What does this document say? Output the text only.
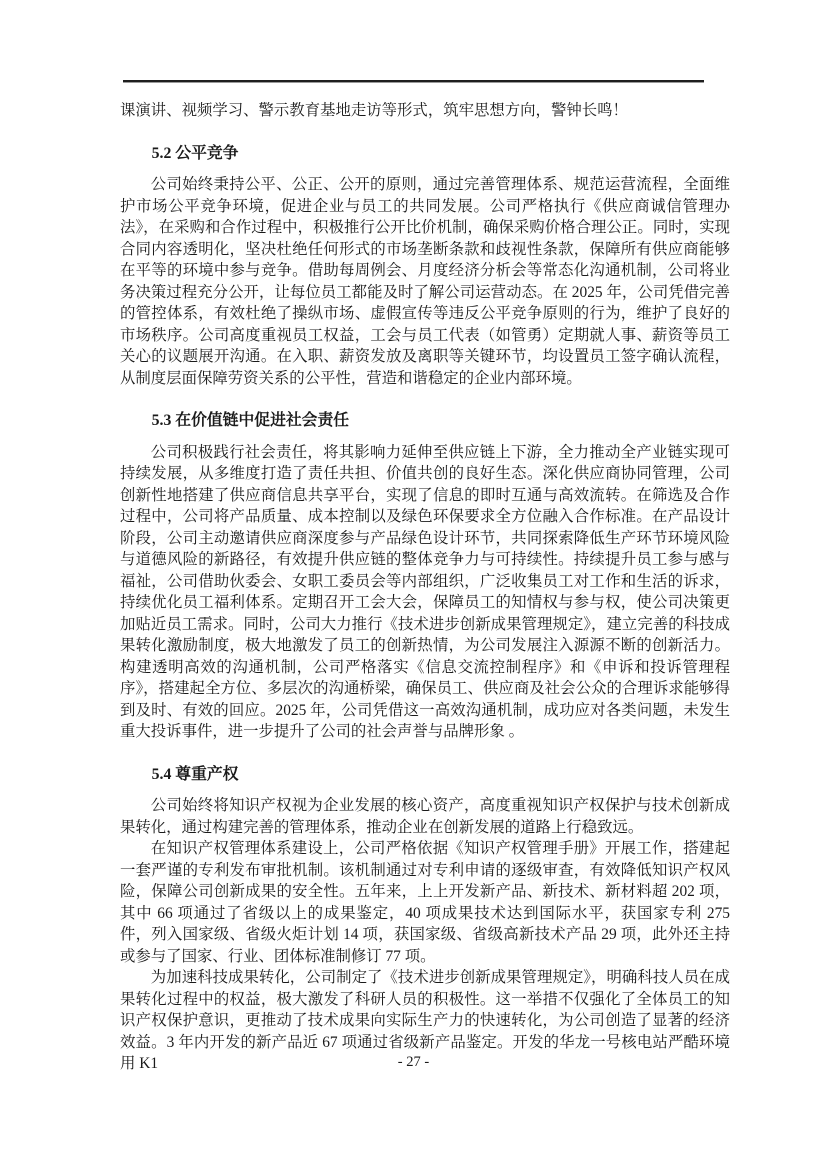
课演讲、视频学习、警示教育基地走访等形式，筑牢思想方向，警钟长鸣！

5.2 公平竞争

公司始终秉持公平、公正、公开的原则，通过完善管理体系、规范运营流程，全面维护市场公平竞争环境，促进企业与员工的共同发展。公司严格执行《供应商诚信管理办法》，在采购和合作过程中，积极推行公开比价机制，确保采购价格合理公正。同时，实现合同内容透明化，坚决杜绝任何形式的市场垄断条款和歧视性条款，保障所有供应商能够在平等的环境中参与竞争。借助每周例会、月度经济分析会等常态化沟通机制，公司将业务决策过程充分公开，让每位员工都能及时了解公司运营动态。在 2025 年，公司凭借完善的管控体系，有效杜绝了操纵市场、虚假宣传等违反公平竞争原则的行为，维护了良好的市场秩序。公司高度重视员工权益，工会与员工代表（如管勇）定期就人事、薪资等员工关心的议题展开沟通。在入职、薪资发放及离职等关键环节，均设置员工签字确认流程，从制度层面保障劳资关系的公平性，营造和谐稳定的企业内部环境。

5.3 在价值链中促进社会责任

公司积极践行社会责任，将其影响力延伸至供应链上下游，全力推动全产业链实现可持续发展，从多维度打造了责任共担、价值共创的良好生态。深化供应商协同管理，公司创新性地搭建了供应商信息共享平台，实现了信息的即时互通与高效流转。在筛选及合作过程中，公司将产品质量、成本控制以及绿色环保要求全方位融入合作标准。在产品设计阶段，公司主动邀请供应商深度参与产品绿色设计环节，共同探索降低生产环节环境风险与道德风险的新路径，有效提升供应链的整体竞争力与可持续性。持续提升员工参与感与福祉，公司借助伙委会、女职工委员会等内部组织，广泛收集员工对工作和生活的诉求，持续优化员工福利体系。定期召开工会大会，保障员工的知情权与参与权，使公司决策更加贴近员工需求。同时，公司大力推行《技术进步创新成果管理规定》，建立完善的科技成果转化激励制度，极大地激发了员工的创新热情，为公司发展注入源源不断的创新活力。构建透明高效的沟通机制，公司严格落实《信息交流控制程序》和《申诉和投诉管理程序》，搭建起全方位、多层次的沟通桥梁，确保员工、供应商及社会公众的合理诉求能够得到及时、有效的回应。2025 年，公司凭借这一高效沟通机制，成功应对各类问题，未发生重大投诉事件，进一步提升了公司的社会声誉与品牌形象 。

5.4 尊重产权

公司始终将知识产权视为企业发展的核心资产，高度重视知识产权保护与技术创新成果转化，通过构建完善的管理体系，推动企业在创新发展的道路上行稳致远。

在知识产权管理体系建设上，公司严格依据《知识产权管理手册》开展工作，搭建起一套严谨的专利发布审批机制。该机制通过对专利申请的逐级审查，有效降低知识产权风险，保障公司创新成果的安全性。五年来，上上开发新产品、新技术、新材料超 202 项，其中 66 项通过了省级以上的成果鉴定，40 项成果技术达到国际水平，获国家专利 275 件，列入国家级、省级火炬计划 14 项，获国家级、省级高新技术产品 29 项，此外还主持或参与了国家、行业、团体标准制修订 77 项。

为加速科技成果转化，公司制定了《技术进步创新成果管理规定》，明确科技人员在成果转化过程中的权益，极大激发了科研人员的积极性。这一举措不仅强化了全体员工的知识产权保护意识，更推动了技术成果向实际生产力的快速转化，为公司创造了显著的经济效益。3 年内开发的新产品近 67 项通过省级新产品鉴定。开发的华龙一号核电站严酷环境用 K1	- 27 -
